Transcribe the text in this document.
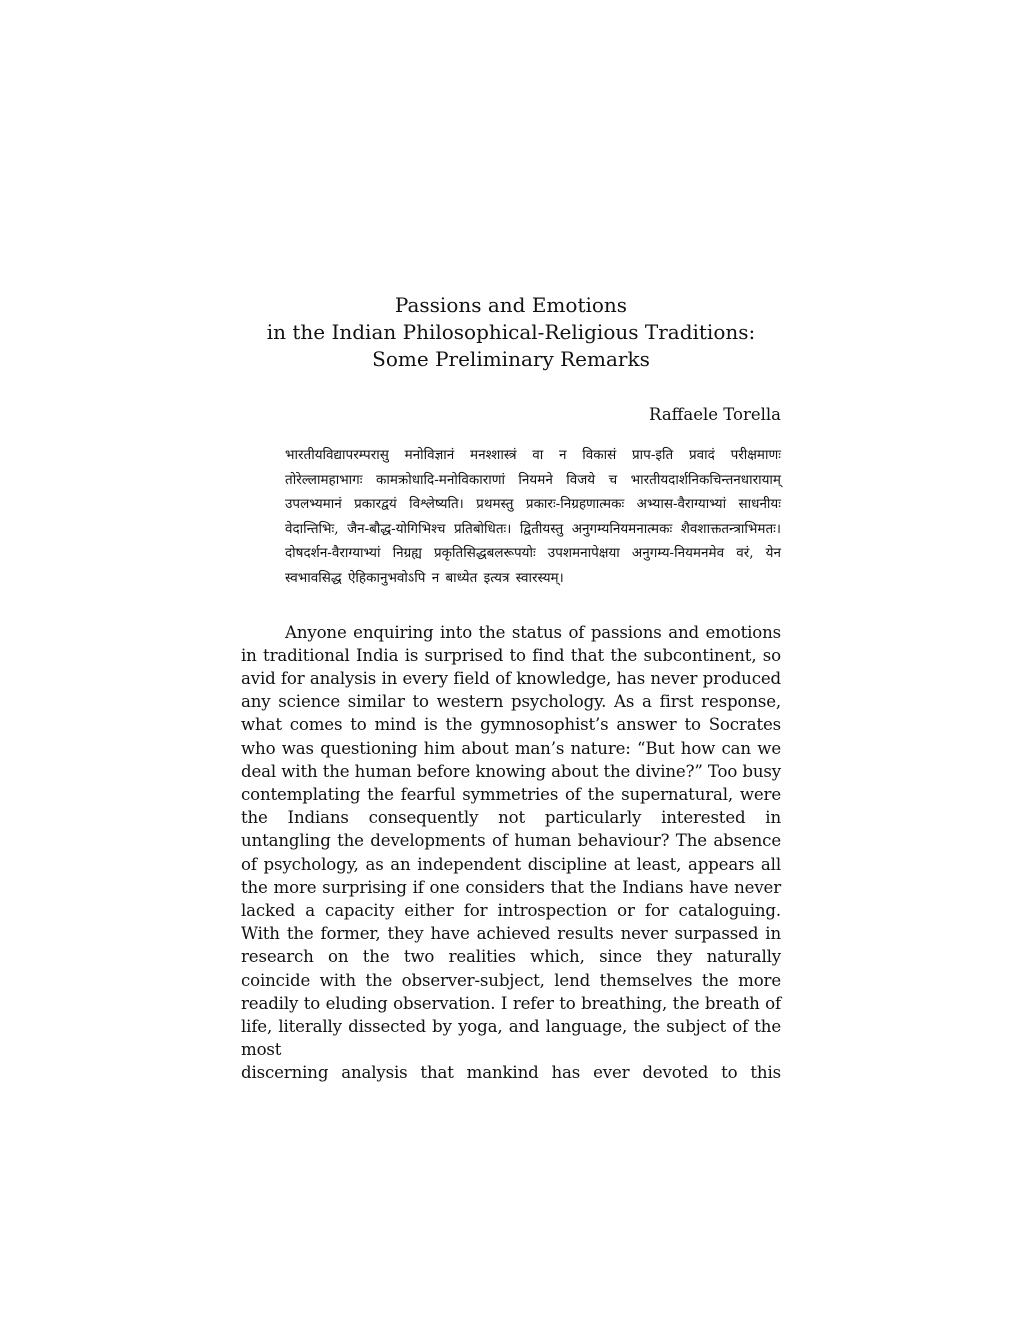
Passions and Emotions
in the Indian Philosophical-Religious Traditions:
Some Preliminary Remarks
Raffaele Torella
भारतीयविद्यापरम्परासु मनोविज्ञानं मनश्शास्त्रं वा न विकासं प्राप-इति प्रवादं परीक्षमाणः तोरेल्लामहाभागः कामक्रोधादि-मनोविकाराणां नियमने विजये च भारतीयदार्शनिकचिन्तनधारायाम् उपलभ्यमानं प्रकारद्वयं विश्लेष्यति। प्रथमस्तु प्रकारः-निग्रहणात्मकः अभ्यास-वैराग्याभ्यां साधनीयः वेदान्तिभिः, जैन-बौद्ध-योगिभिश्च प्रतिबोधितः। द्वितीयस्तु अनुगम्यनियमनात्मकः शैवशाक्ततन्त्राभिमतः। दोषदर्शन-वैराग्याभ्यां निग्रह्य प्रकृतिसिद्धबलरूपयोः उपशमनापेक्षया अनुगम्य-नियमनमेव वरं, येन स्वभावसिद्ध ऐहिकानुभवोऽपि न बाध्येत इत्यत्र स्वारस्यम्।
Anyone enquiring into the status of passions and emotions in traditional India is surprised to find that the subcontinent, so avid for analysis in every field of knowledge, has never produced any science similar to western psychology. As a first response, what comes to mind is the gymnosophist’s answer to Socrates who was questioning him about man’s nature: “But how can we deal with the human before knowing about the divine?” Too busy contemplating the fearful symmetries of the supernatural, were the Indians consequently not particularly interested in untangling the developments of human behaviour? The absence of psychology, as an independent discipline at least, appears all the more surprising if one considers that the Indians have never lacked a capacity either for introspection or for cataloguing. With the former, they have achieved results never surpassed in research on the two realities which, since they naturally coincide with the observer-subject, lend themselves the more readily to eluding observation. I refer to breathing, the breath of life, literally dissected by yoga, and language, the subject of the most
discerning analysis that mankind has ever devoted to this
